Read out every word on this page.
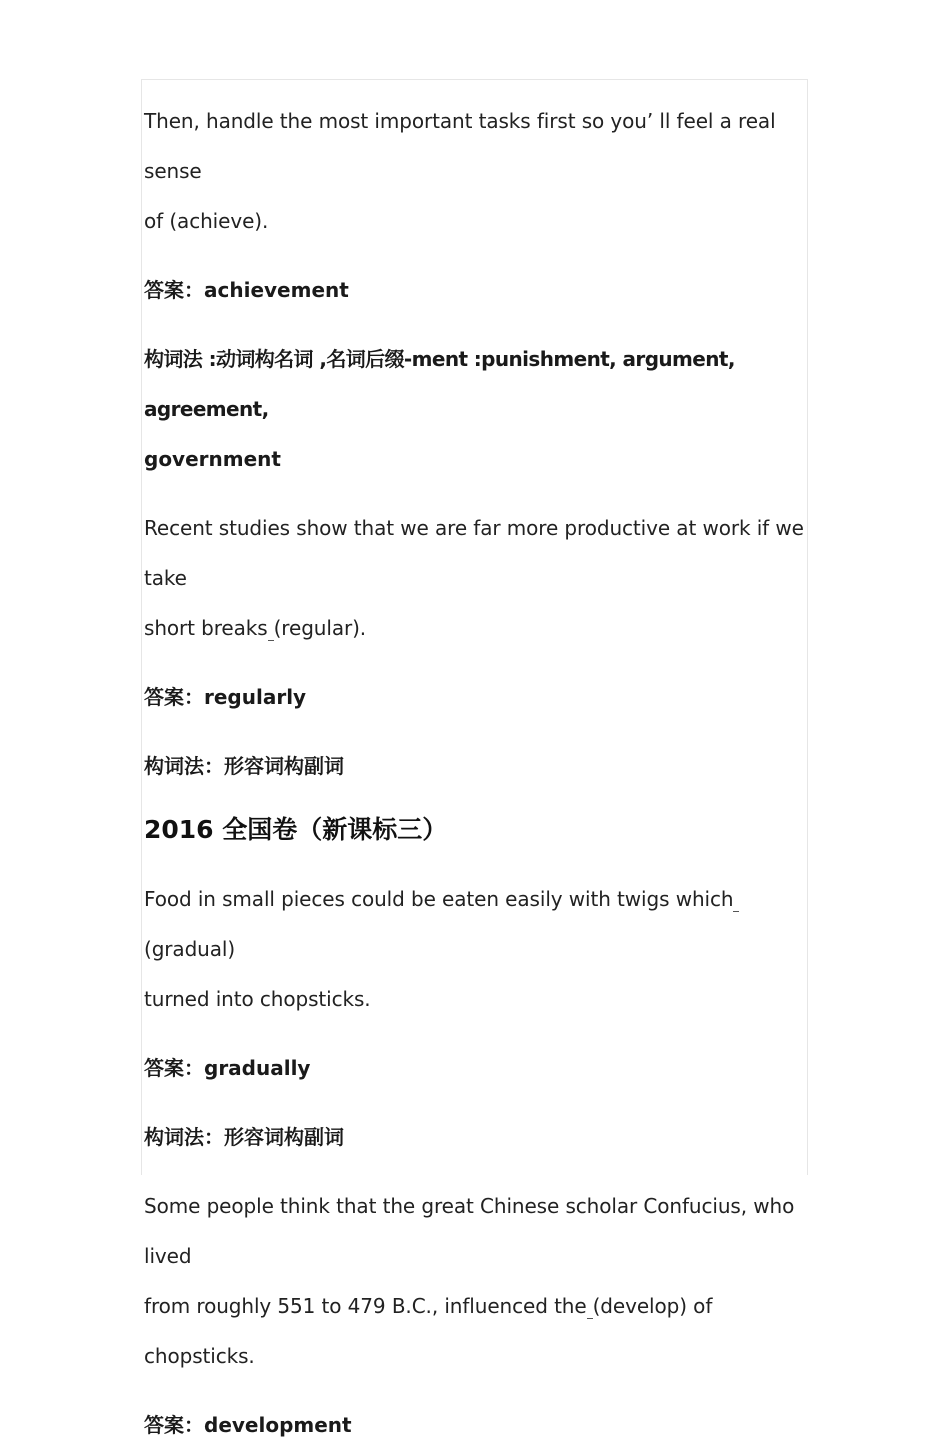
Then, handle the most important tasks first so you’ ll feel a real sense

of (achieve).

答案：achievement

构词法 :动词构名词 ,名词后缀-ment :punishment, argument, agreement,

government

Recent studies show that we are far more productive at work if we take

short breaks (regular).

答案：regularly

构词法：形容词构副词

2016 全国卷（新课标三）

Food in small pieces could be eaten easily with twigs which(gradual)

turned into chopsticks.

答案：gradually

构词法：形容词构副词

Some people think that the great Chinese scholar Confucius, who lived

from roughly 551 to 479 B.C., influenced the (develop) of chopsticks.

答案：development
